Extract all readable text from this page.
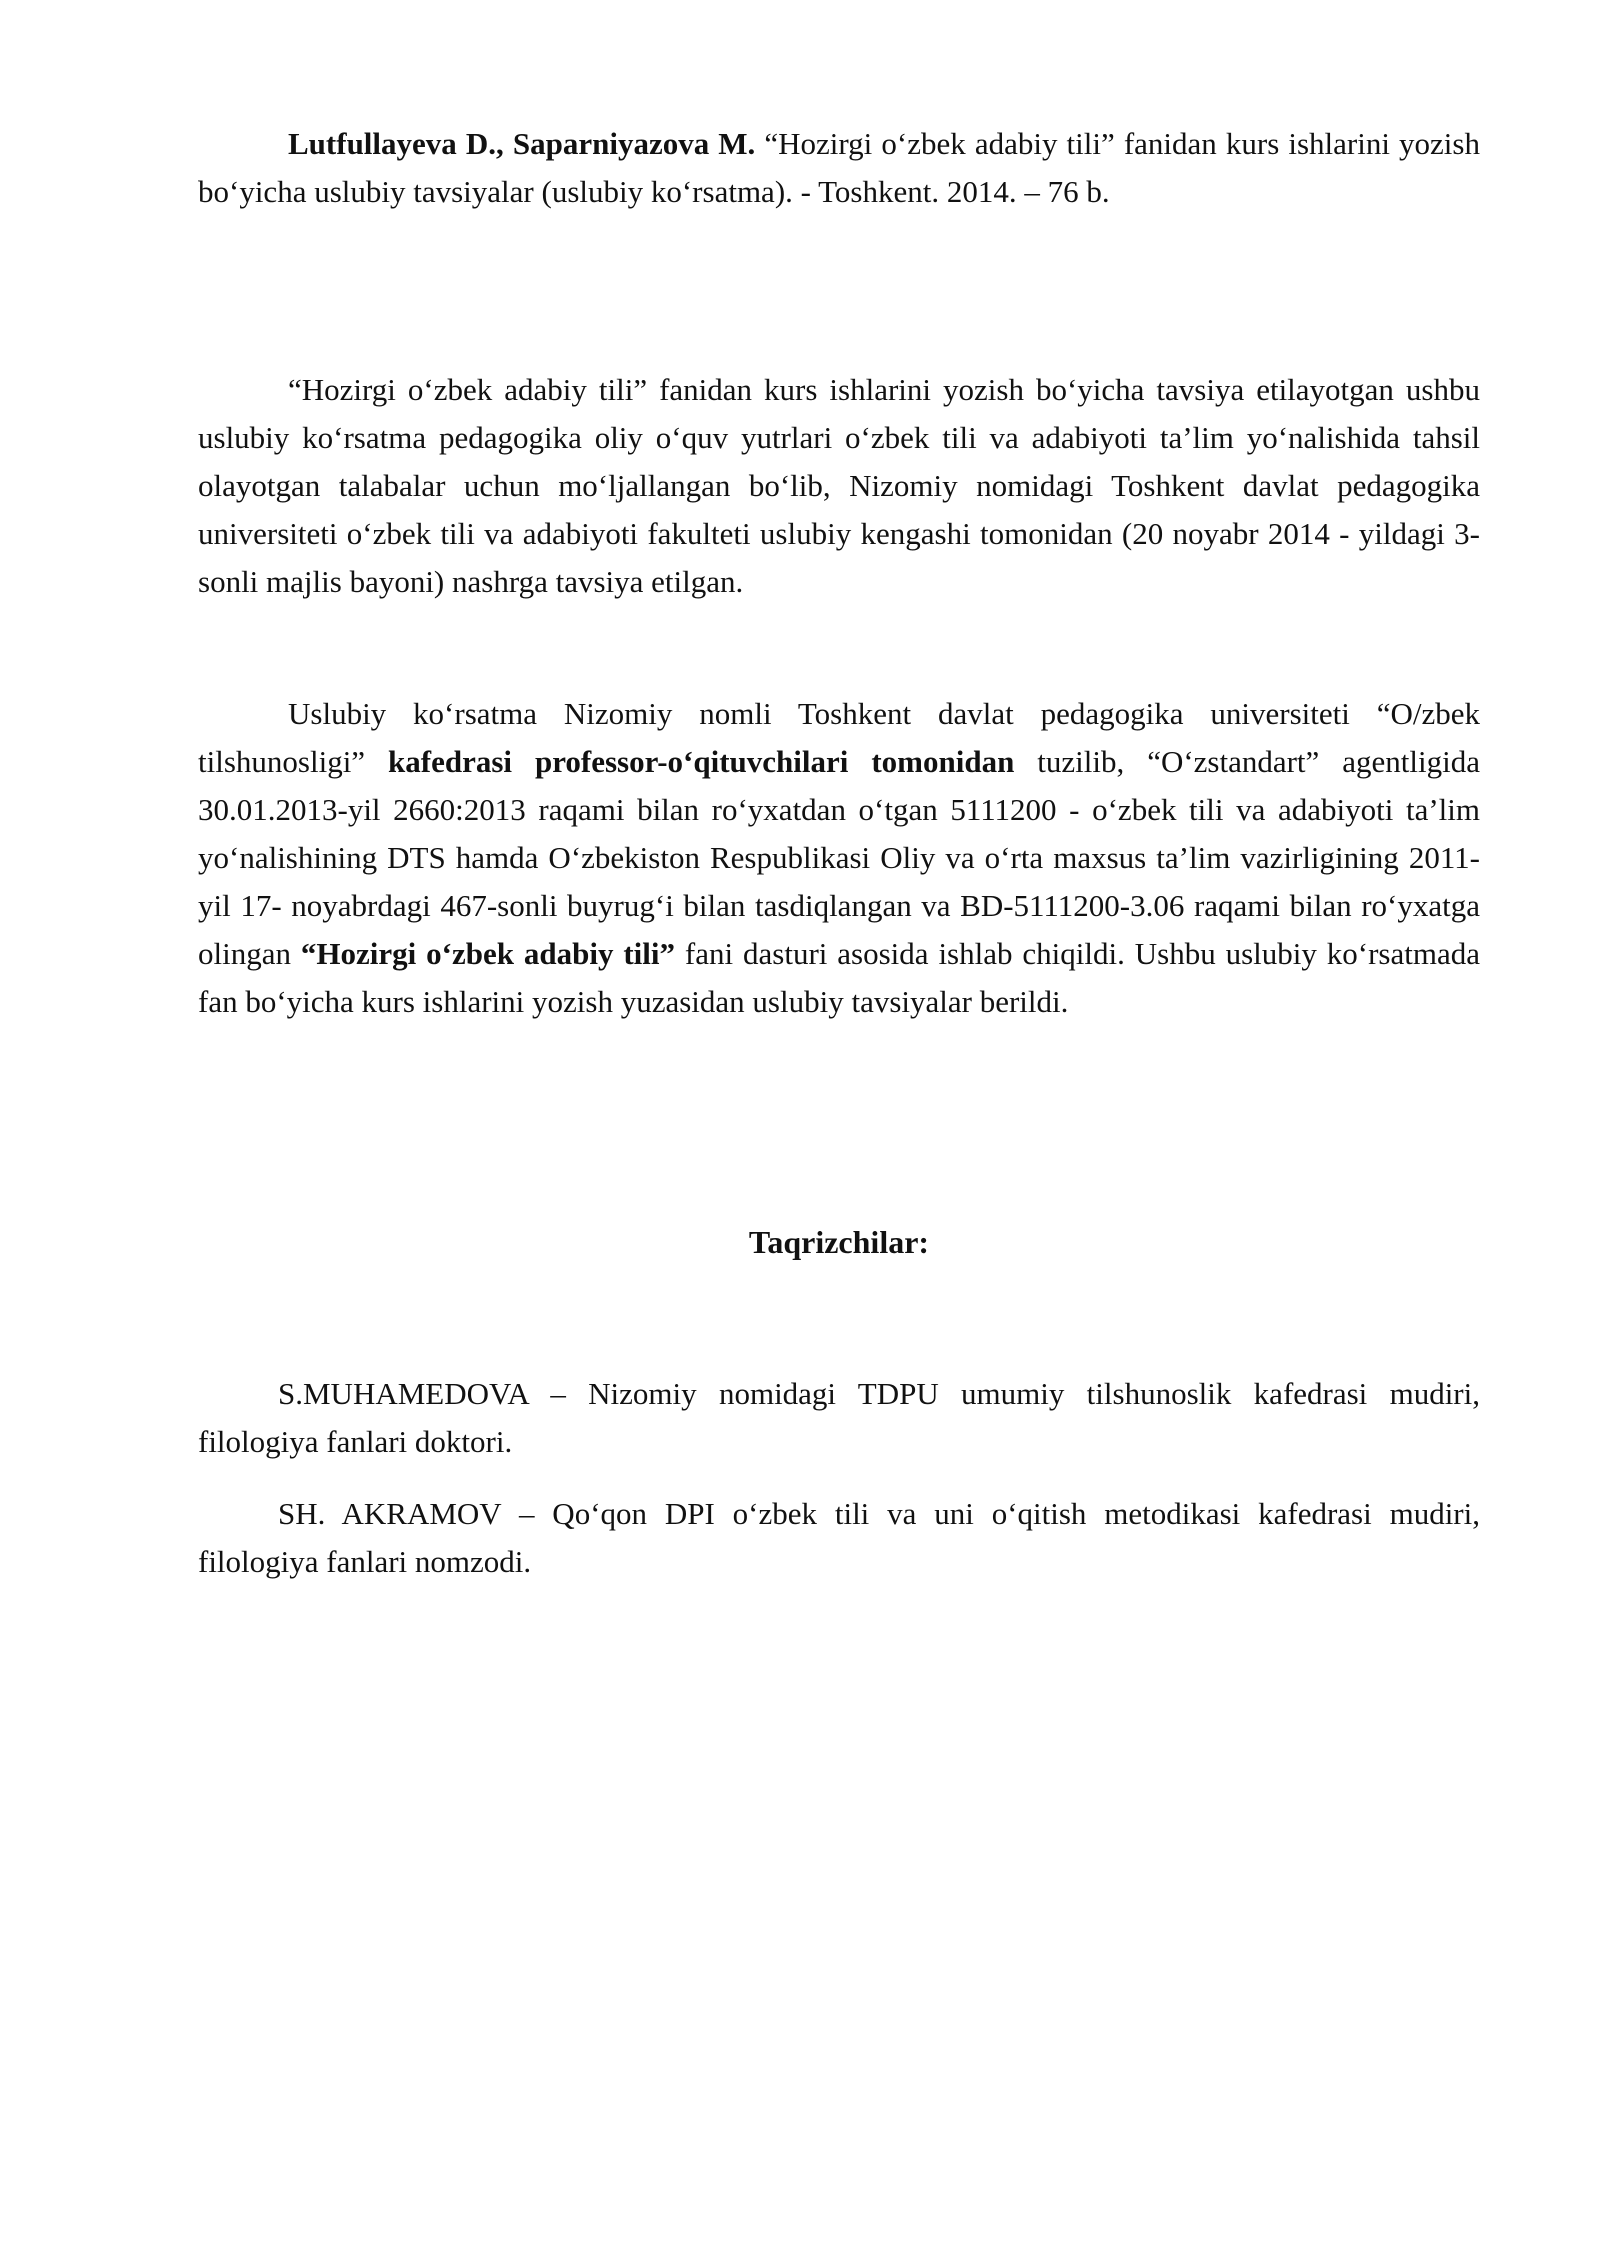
Lutfullayeva D., Saparniyazova M. “Hozirgi o‘zbek adabiy tili” fanidan kurs ishlarini yozish bo‘yicha uslubiy tavsiyalar (uslubiy ko‘rsatma). - Toshkent. 2014. – 76 b.

“Hozirgi o‘zbek adabiy tili” fanidan kurs ishlarini yozish bo‘yicha tavsiya etilayotgan ushbu uslubiy ko‘rsatma pedagogika oliy o‘quv yutrlari o‘zbek tili va adabiyoti ta’lim yo‘nalishida tahsil olayotgan talabalar uchun mo‘ljallangan bo‘lib, Nizomiy nomidagi Toshkent davlat pedagogika universiteti o‘zbek tili va adabiyoti fakulteti uslubiy kengashi tomonidan (20 noyabr 2014 - yildagi 3- sonli majlis bayoni) nashrga tavsiya etilgan.

Uslubiy ko‘rsatma Nizomiy nomli Toshkent davlat pedagogika universiteti “O/zbek tilshunosligi” kafedrasi professor-o‘qituvchilari tomonidan tuzilib, “O‘zstandart” agentligida 30.01.2013-yil 2660:2013 raqami bilan ro‘yxatdan o‘tgan 5111200 - o‘zbek tili va adabiyoti ta’lim yo‘nalishining DTS hamda O‘zbekiston Respublikasi Oliy va o‘rta maxsus ta’lim vazirligining 2011- yil 17- noyabrdagi 467-sonli buyrug‘i bilan tasdiqlangan va BD-5111200-3.06 raqami bilan ro‘yxatga olingan “Hozirgi o‘zbek adabiy tili” fani dasturi asosida ishlab chiqildi. Ushbu uslubiy ko‘rsatmada fan bo‘yicha kurs ishlarini yozish yuzasidan uslubiy tavsiyalar berildi.

Taqrizchilar:

S.MUHAMEDOVA – Nizomiy nomidagi TDPU umumiy tilshunoslik kafedrasi mudiri, filologiya fanlari doktori.

SH. AKRAMOV – Qo‘qon DPI o‘zbek tili va uni o‘qitish metodikasi kafedrasi mudiri, filologiya fanlari nomzodi.
